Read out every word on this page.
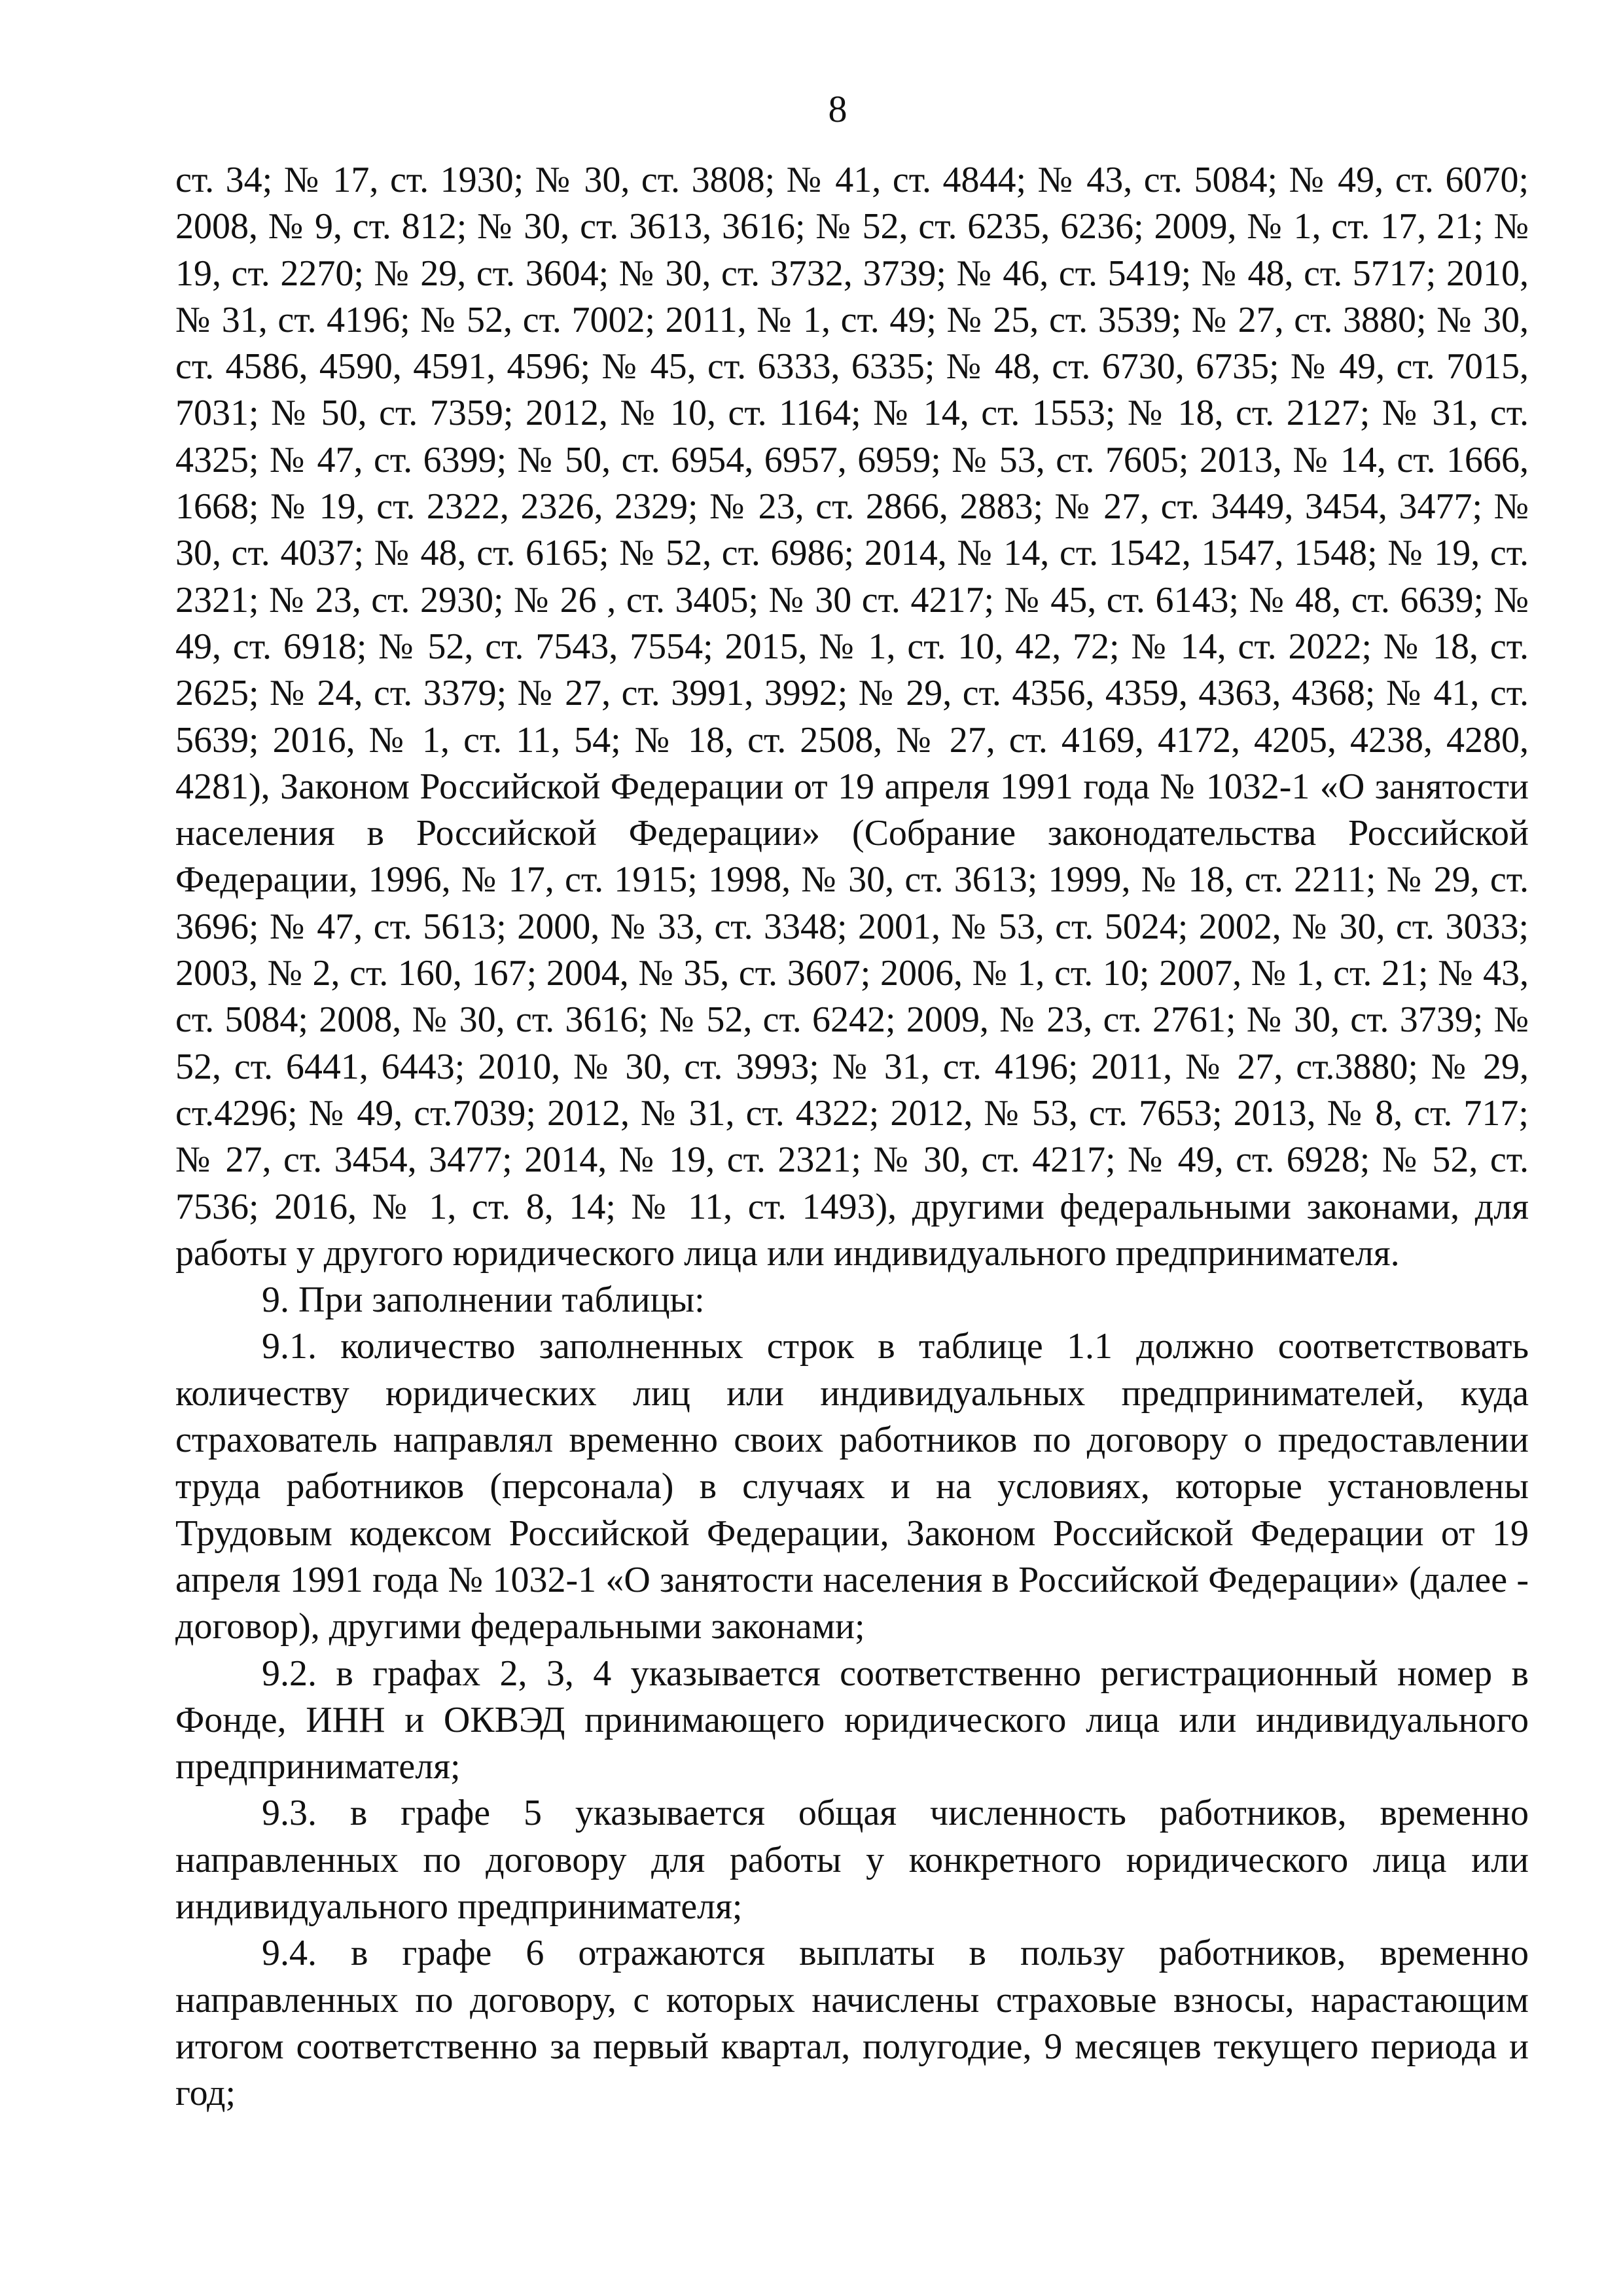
8

ст. 34; № 17, ст. 1930; № 30, ст. 3808; № 41, ст. 4844; № 43, ст. 5084; № 49, ст. 6070; 2008, № 9, ст. 812; № 30, ст. 3613, 3616; № 52, ст. 6235, 6236; 2009, № 1, ст. 17, 21; № 19, ст. 2270; № 29, ст. 3604; № 30, ст. 3732, 3739; № 46, ст. 5419; № 48, ст. 5717; 2010, № 31, ст. 4196; № 52, ст. 7002; 2011, № 1, ст. 49; № 25, ст. 3539; № 27, ст. 3880; № 30, ст. 4586, 4590, 4591, 4596; № 45, ст. 6333, 6335; № 48, ст. 6730, 6735; № 49, ст. 7015, 7031; № 50, ст. 7359; 2012, № 10, ст. 1164; № 14, ст. 1553; № 18, ст. 2127; № 31, ст. 4325; № 47, ст. 6399; № 50, ст. 6954, 6957, 6959; № 53, ст. 7605; 2013, № 14, ст. 1666, 1668; № 19, ст. 2322, 2326, 2329; № 23, ст. 2866, 2883; № 27, ст. 3449, 3454, 3477; № 30, ст. 4037; № 48, ст. 6165; № 52, ст. 6986; 2014, № 14, ст. 1542, 1547, 1548; № 19, ст. 2321; № 23, ст. 2930; № 26 , ст. 3405; № 30 ст. 4217; № 45, ст. 6143; № 48, ст. 6639; № 49, ст. 6918; № 52, ст. 7543, 7554; 2015, № 1, ст. 10, 42, 72; № 14, ст. 2022; № 18, ст. 2625; № 24, ст. 3379; № 27, ст. 3991, 3992; № 29, ст. 4356, 4359, 4363, 4368; № 41, ст. 5639; 2016, № 1, ст. 11, 54; № 18, ст. 2508, № 27, ст. 4169, 4172, 4205, 4238, 4280, 4281), Законом Российской Федерации от 19 апреля 1991 года № 1032-1 «О занятости населения в Российской Федерации» (Собрание законодательства Российской Федерации, 1996, № 17, ст. 1915; 1998, № 30, ст. 3613; 1999, № 18, ст. 2211; № 29, ст. 3696; № 47, ст. 5613; 2000, № 33, ст. 3348; 2001, № 53, ст. 5024; 2002, № 30, ст. 3033; 2003, № 2, ст. 160, 167; 2004, № 35, ст. 3607; 2006, № 1, ст. 10; 2007, № 1, ст. 21; № 43, ст. 5084; 2008, № 30, ст. 3616; № 52, ст. 6242; 2009, № 23, ст. 2761; № 30, ст. 3739; № 52, ст. 6441, 6443; 2010, № 30, ст. 3993; № 31, ст. 4196; 2011, № 27, ст.3880; № 29, ст.4296; № 49, ст.7039; 2012, № 31, ст. 4322; 2012, № 53, ст. 7653; 2013, № 8, ст. 717; № 27, ст. 3454, 3477; 2014, № 19, ст. 2321; № 30, ст. 4217; № 49, ст. 6928; № 52, ст. 7536; 2016, № 1, ст. 8, 14; № 11, ст. 1493), другими федеральными законами, для работы у другого юридического лица или индивидуального предпринимателя.

9. При заполнении таблицы:

9.1. количество заполненных строк в таблице 1.1 должно соответствовать количеству юридических лиц или индивидуальных предпринимателей, куда страхователь направлял временно своих работников по договору о предоставлении труда работников (персонала) в случаях и на условиях, которые установлены Трудовым кодексом Российской Федерации, Законом Российской Федерации от 19 апреля 1991 года № 1032-1 «О занятости населения в Российской Федерации» (далее - договор), другими федеральными законами;

9.2. в графах 2, 3, 4 указывается соответственно регистрационный номер в Фонде, ИНН и ОКВЭД принимающего юридического лица или индивидуального предпринимателя;

9.3. в графе 5 указывается общая численность работников, временно направленных по договору для работы у конкретного юридического лица или индивидуального предпринимателя;

9.4. в графе 6 отражаются выплаты в пользу работников, временно направленных по договору, с которых начислены страховые взносы, нарастающим итогом соответственно за первый квартал, полугодие, 9 месяцев текущего периода и год;
